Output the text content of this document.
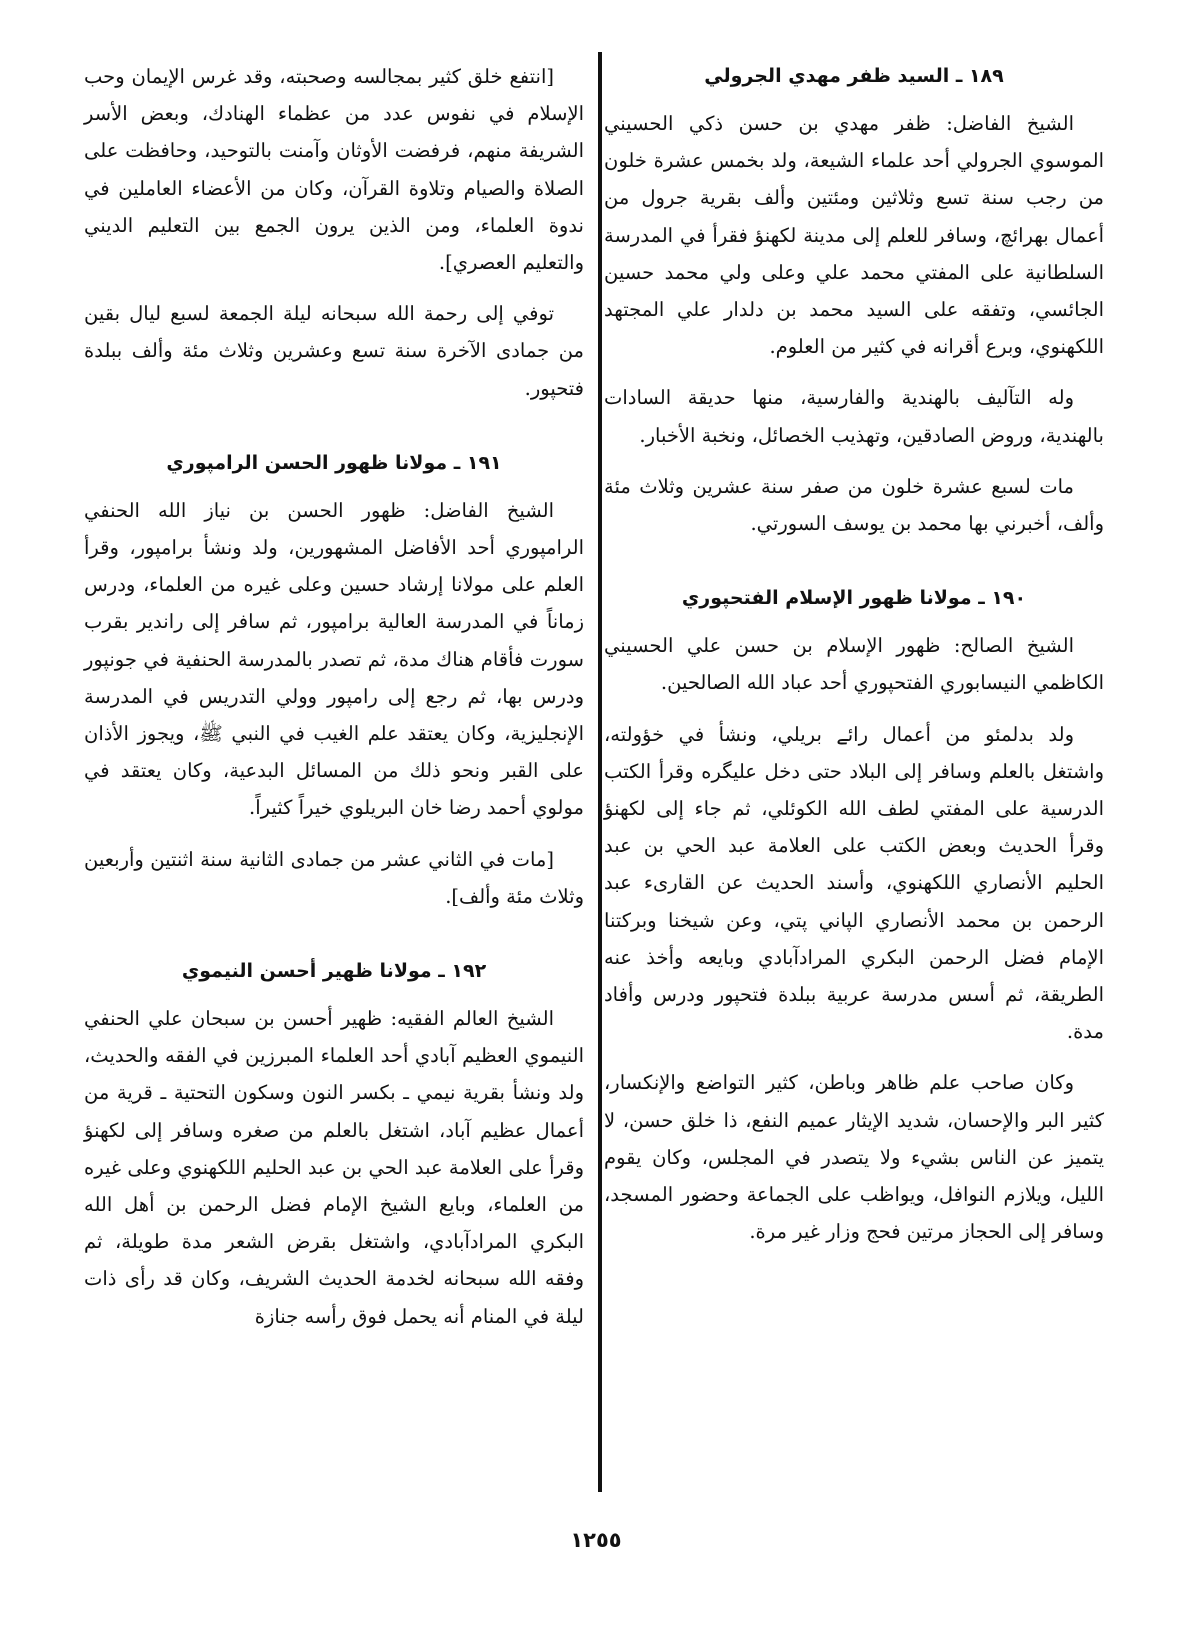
١٨٩ ـ السيد ظفر مهدي الجرولي

الشيخ الفاضل: ظفر مهدي بن حسن ذكي الحسيني الموسوي الجرولي أحد علماء الشيعة، ولد بخمس عشرة خلون من رجب سنة تسع وثلاثين ومئتين وألف بقرية جرول من أعمال بهرائچ، وسافر للعلم إلى مدينة لكهنؤ فقرأ في المدرسة السلطانية على المفتي محمد علي وعلى ولي محمد حسين الجائسي، وتفقه على السيد محمد بن دلدار علي المجتهد اللكهنوي، وبرع أقرانه في كثير من العلوم.

وله التآليف بالهندية والفارسية، منها حديقة السادات بالهندية، وروض الصادقين، وتهذيب الخصائل، ونخبة الأخبار.

مات لسبع عشرة خلون من صفر سنة عشرين وثلاث مئة وألف، أخبرني بها محمد بن يوسف السورتي.

١٩٠ ـ مولانا ظهور الإسلام الفتحپوري

الشيخ الصالح: ظهور الإسلام بن حسن علي الحسيني الكاظمي النيسابوري الفتحپوري أحد عباد الله الصالحين.

ولد بدلمئو من أعمال رائے بريلي، ونشأ في خؤولته، واشتغل بالعلم وسافر إلى البلاد حتى دخل عليگره وقرأ الكتب الدرسية على المفتي لطف الله الكوئلي، ثم جاء إلى لكهنؤ وقرأ الحديث وبعض الكتب على العلامة عبد الحي بن عبد الحليم الأنصاري اللكهنوي، وأسند الحديث عن القارىء عبد الرحمن بن محمد الأنصاري الپاني پتي، وعن شيخنا وبركتنا الإمام فضل الرحمن البكري المرادآبادي وبايعه وأخذ عنه الطريقة، ثم أسس مدرسة عربية ببلدة فتحپور ودرس وأفاد مدة.

وكان صاحب علم ظاهر وباطن، كثير التواضع والإنكسار، كثير البر والإحسان، شديد الإيثار عميم النفع، ذا خلق حسن، لا يتميز عن الناس بشيء ولا يتصدر في المجلس، وكان يقوم الليل، ويلازم النوافل، ويواظب على الجماعة وحضور المسجد، وسافر إلى الحجاز مرتين فحج وزار غير مرة.

[انتفع خلق كثير بمجالسه وصحبته، وقد غرس الإيمان وحب الإسلام في نفوس عدد من عظماء الهنادك، وبعض الأسر الشريفة منهم، فرفضت الأوثان وآمنت بالتوحيد، وحافظت على الصلاة والصيام وتلاوة القرآن، وكان من الأعضاء العاملين في ندوة العلماء، ومن الذين يرون الجمع بين التعليم الديني والتعليم العصري].

توفي إلى رحمة الله سبحانه ليلة الجمعة لسبع ليال بقين من جمادى الآخرة سنة تسع وعشرين وثلاث مئة وألف ببلدة فتحپور.

١٩١ ـ مولانا ظهور الحسن الرامپوري

الشيخ الفاضل: ظهور الحسن بن نياز الله الحنفي الرامپوري أحد الأفاضل المشهورين، ولد ونشأ برامپور، وقرأ العلم على مولانا إرشاد حسين وعلى غيره من العلماء، ودرس زماناً في المدرسة العالية برامپور، ثم سافر إلى راندير بقرب سورت فأقام هناك مدة، ثم تصدر بالمدرسة الحنفية في جونپور ودرس بها، ثم رجع إلى رامپور وولي التدريس في المدرسة الإنجليزية، وكان يعتقد علم الغيب في النبي ﷺ، ويجوز الأذان على القبر ونحو ذلك من المسائل البدعية، وكان يعتقد في مولوي أحمد رضا خان البريلوي خيراً كثيراً.

[مات في الثاني عشر من جمادى الثانية سنة اثنتين وأربعين وثلاث مئة وألف].

١٩٢ ـ مولانا ظهير أحسن النيموي

الشيخ العالم الفقيه: ظهير أحسن بن سبحان علي الحنفي النيموي العظيم آبادي أحد العلماء المبرزين في الفقه والحديث، ولد ونشأ بقرية نيمي ـ بكسر النون وسكون التحتية ـ قرية من أعمال عظيم آباد، اشتغل بالعلم من صغره وسافر إلى لكهنؤ وقرأ على العلامة عبد الحي بن عبد الحليم اللكهنوي وعلى غيره من العلماء، وبايع الشيخ الإمام فضل الرحمن بن أهل الله البكري المرادآبادي، واشتغل بقرض الشعر مدة طويلة، ثم وفقه الله سبحانه لخدمة الحديث الشريف، وكان قد رأى ذات ليلة في المنام أنه يحمل فوق رأسه جنازة

١٢٥٥
